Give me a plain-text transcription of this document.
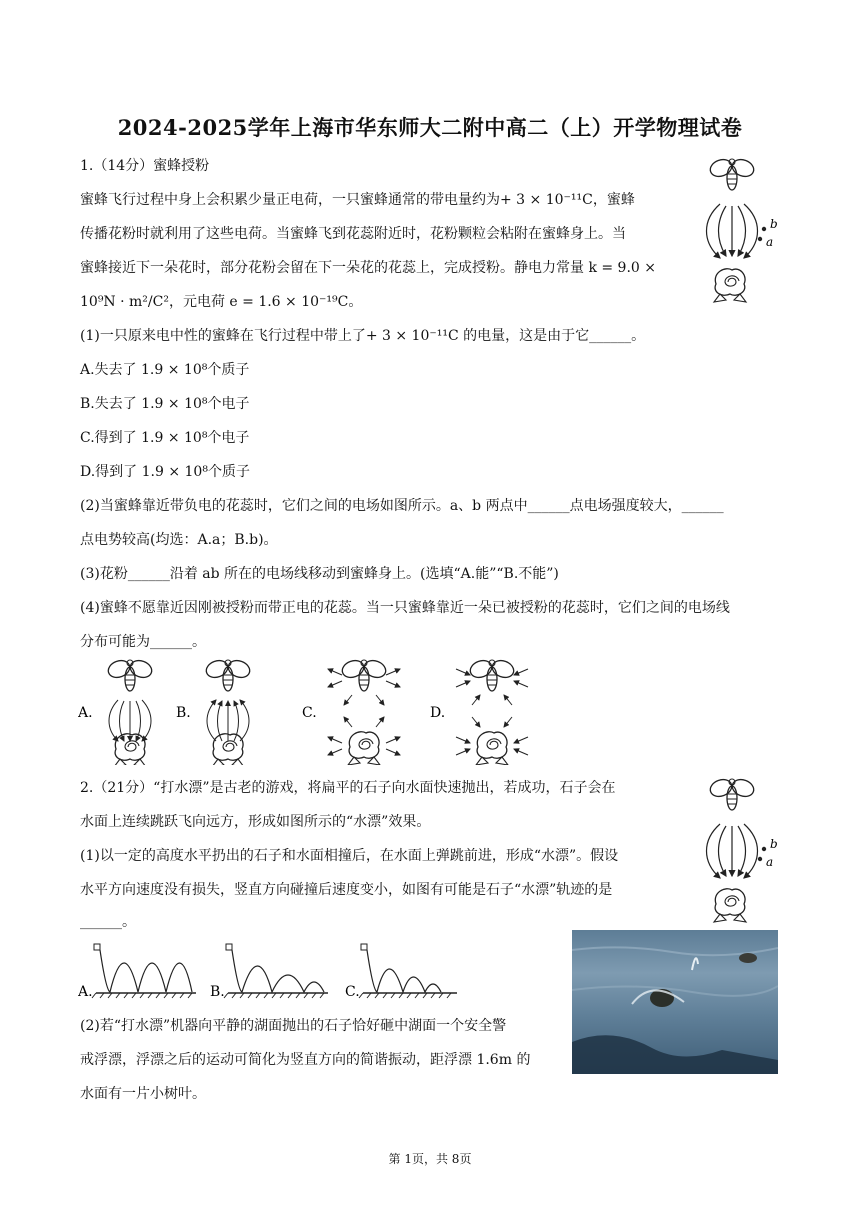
2024-2025学年上海市华东师大二附中高二（上）开学物理试卷
1.（14分）蜜蜂授粉
蜜蜂飞行过程中身上会积累少量正电荷，一只蜜蜂通常的带电量约为+ 3 × 10⁻¹¹C，蜜蜂
传播花粉时就利用了这些电荷。当蜜蜂飞到花蕊附近时，花粉颗粒会粘附在蜜蜂身上。当
蜜蜂接近下一朵花时，部分花粉会留在下一朵花的花蕊上，完成授粉。静电力常量 k = 9.0 ×
10⁹N · m²/C²，元电荷 e = 1.6 × 10⁻¹⁹C。
(1)一只原来电中性的蜜蜂在飞行过程中带上了+ 3 × 10⁻¹¹C 的电量，这是由于它______。
A.失去了 1.9 × 10⁸个质子
B.失去了 1.9 × 10⁸个电子
C.得到了 1.9 × 10⁸个电子
D.得到了 1.9 × 10⁸个质子
(2)当蜜蜂靠近带负电的花蕊时，它们之间的电场如图所示。a、b 两点中______点电场强度较大，______
点电势较高(均选：A.a；B.b)。
(3)花粉______沿着 ab 所在的电场线移动到蜜蜂身上。(选填“A.能”“B.不能”)
(4)蜜蜂不愿靠近因刚被授粉而带正电的花蕊。当一只蜜蜂靠近一朵已被授粉的花蕊时，它们之间的电场线
分布可能为______。
a
b
A.	B.	C.	D.
2.（21分）“打水漂”是古老的游戏，将扁平的石子向水面快速抛出，若成功，石子会在
水面上连续跳跃飞向远方，形成如图所示的“水漂”效果。
(1)以一定的高度水平扔出的石子和水面相撞后，在水面上弹跳前进，形成“水漂”。假设
水平方向速度没有损失，竖直方向碰撞后速度变小，如图有可能是石子“水漂”轨迹的是
______。
a
b
A.	B.	C.
(2)若“打水漂”机器向平静的湖面抛出的石子恰好砸中湖面一个安全警
戒浮漂，浮漂之后的运动可简化为竖直方向的简谐振动，距浮漂 1.6m 的
水面有一片小树叶。
第 1页，共 8页
